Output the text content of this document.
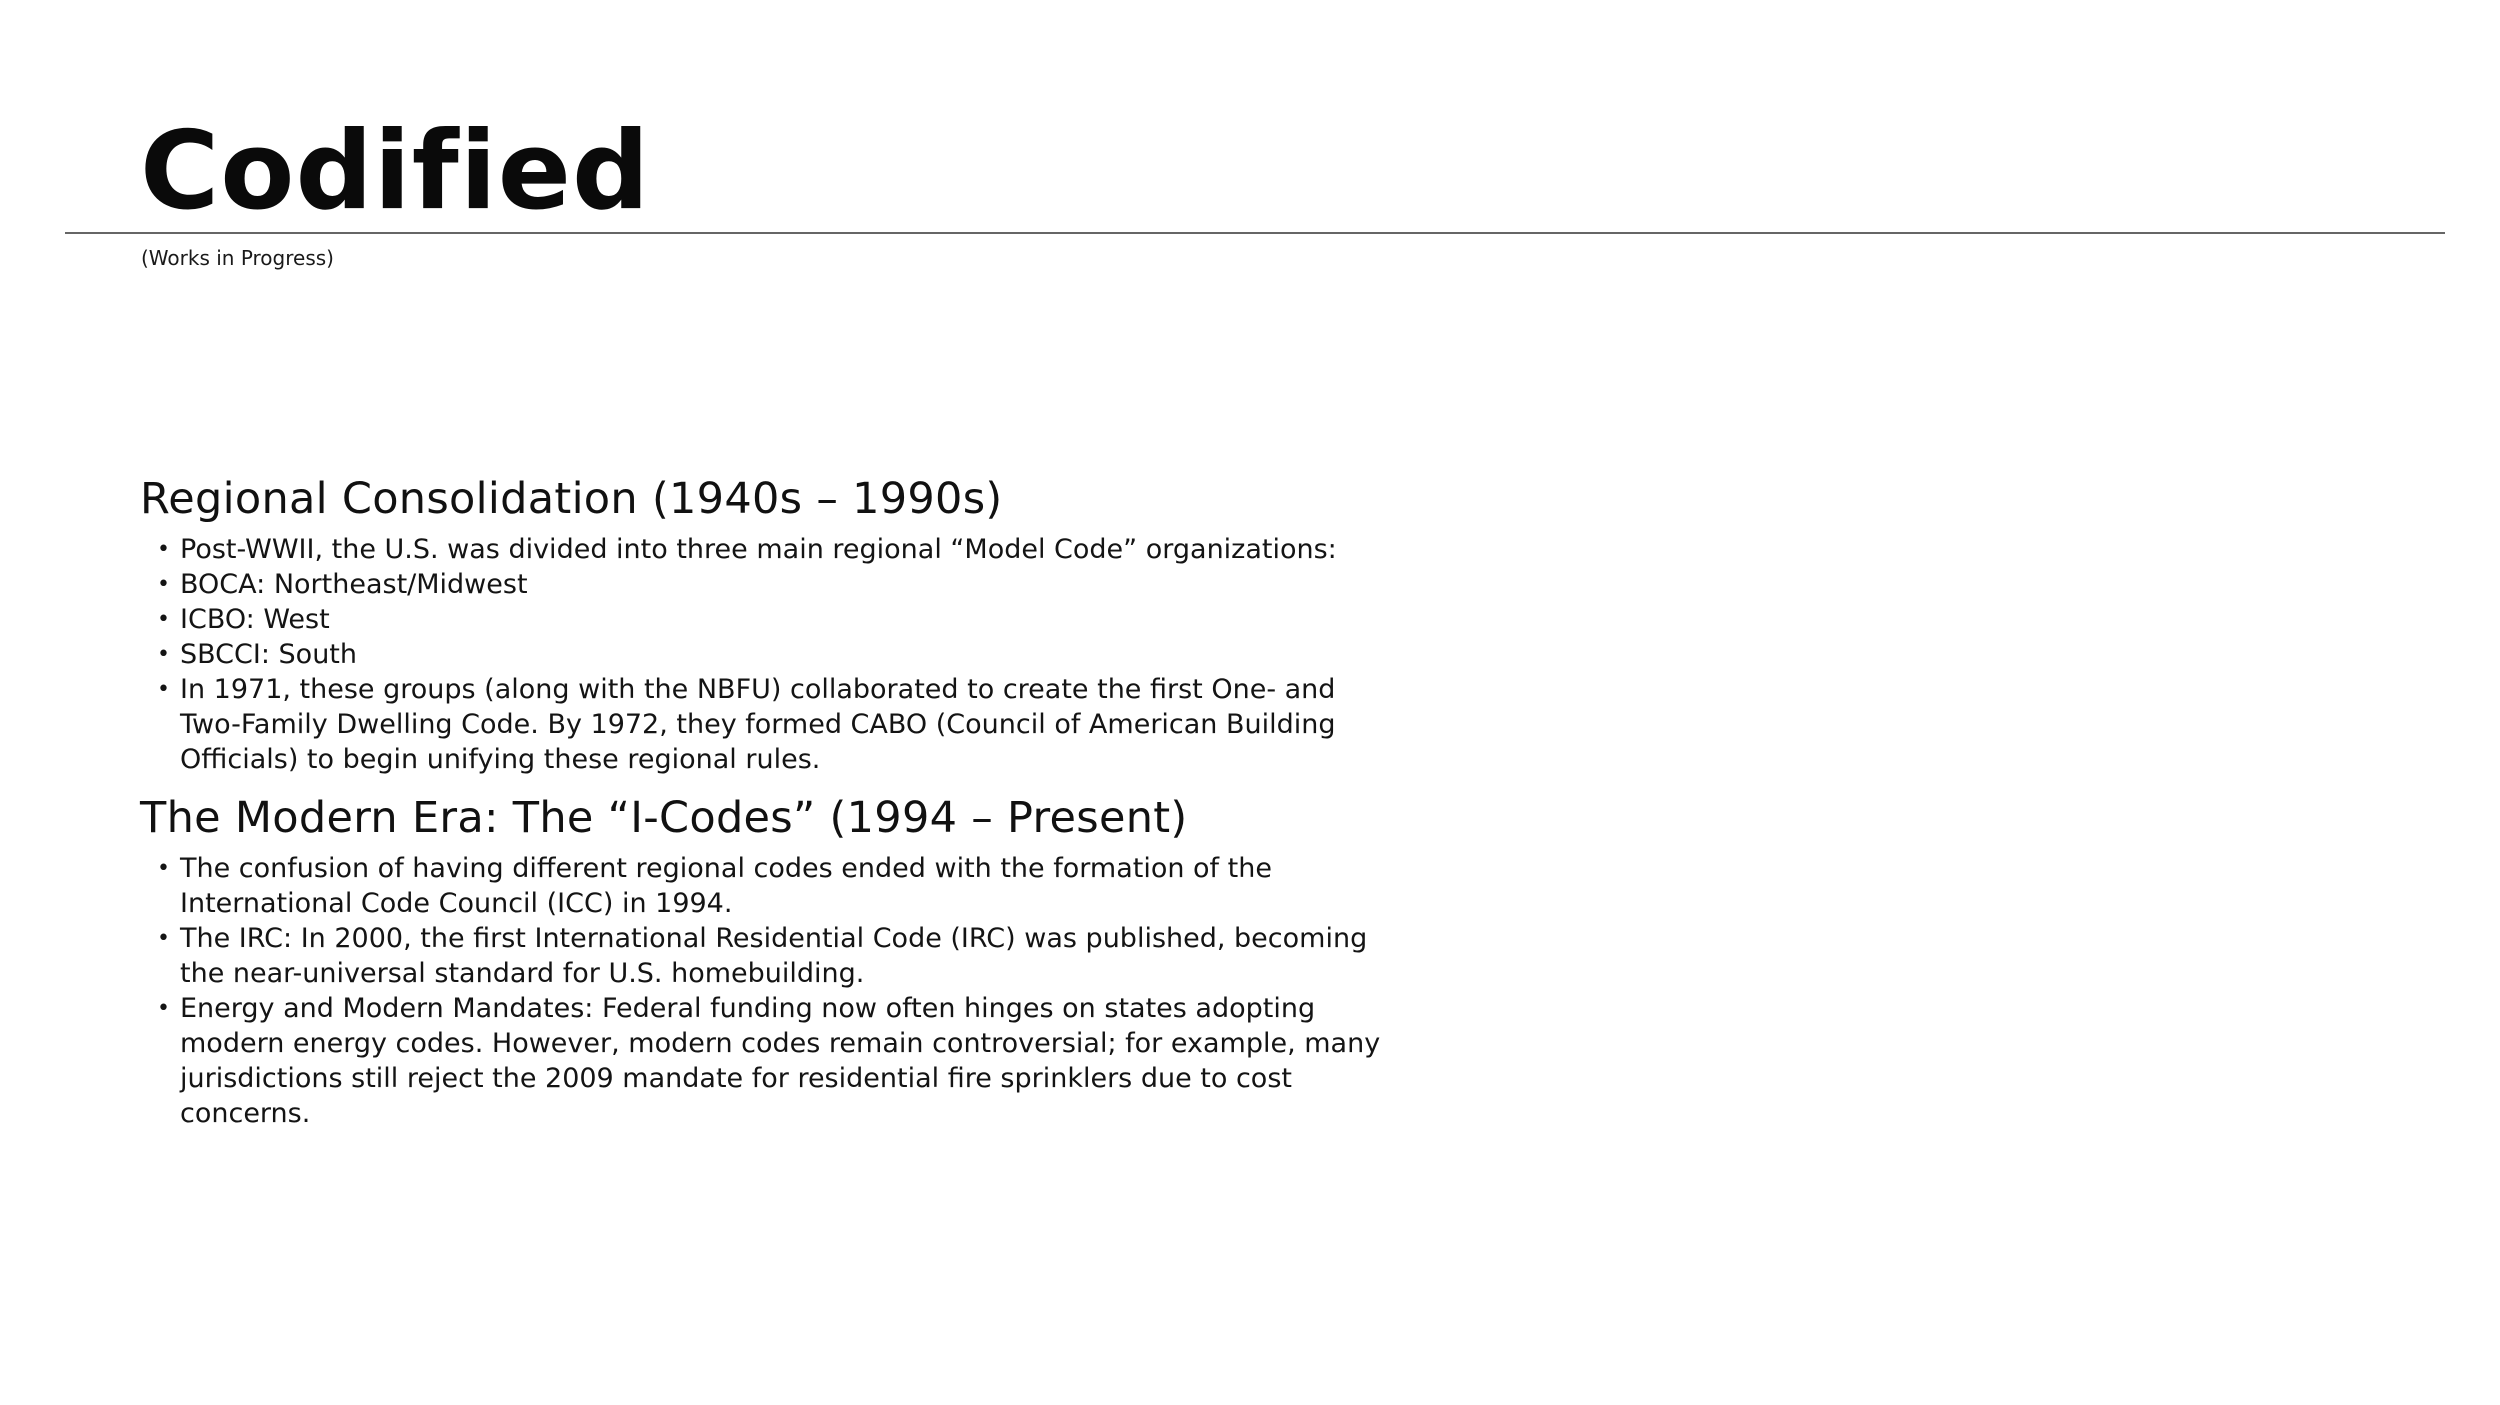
Codified

(Works in Progress)

Regional Consolidation (1940s – 1990s)
• Post-WWII, the U.S. was divided into three main regional “Model Code” organizations:
• BOCA: Northeast/Midwest
• ICBO: West
• SBCCI: South
• In 1971, these groups (along with the NBFU) collaborated to create the first One- and Two-Family Dwelling Code. By 1972, they formed CABO (Council of American Building Officials) to begin unifying these regional rules.
The Modern Era: The “I-Codes” (1994 – Present)
• The confusion of having different regional codes ended with the formation of the International Code Council (ICC) in 1994.
• The IRC: In 2000, the first International Residential Code (IRC) was published, becoming the near-universal standard for U.S. homebuilding.
• Energy and Modern Mandates: Federal funding now often hinges on states adopting modern energy codes. However, modern codes remain controversial; for example, many jurisdictions still reject the 2009 mandate for residential fire sprinklers due to cost concerns.
